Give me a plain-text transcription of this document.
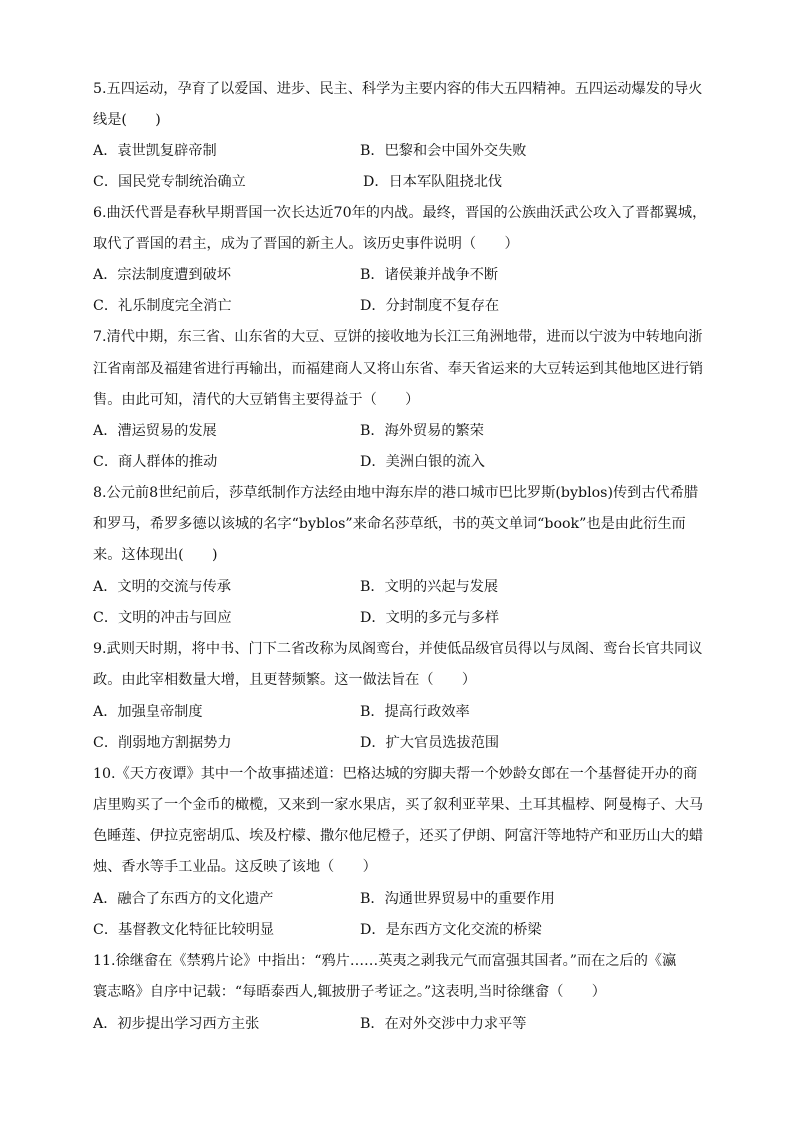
5.五四运动，孕育了以爱国、进步、民主、科学为主要内容的伟大五四精神。五四运动爆发的导火
线是(　　)
A．袁世凯复辟帝制	B．巴黎和会中国外交失败
C．国民党专制统治确立	D．日本军队阻挠北伐
6.曲沃代晋是春秋早期晋国一次长达近70年的内战。最终，晋国的公族曲沃武公攻入了晋都翼城，
取代了晋国的君主，成为了晋国的新主人。该历史事件说明（　　）
A．宗法制度遭到破坏	B．诸侯兼并战争不断
C．礼乐制度完全消亡	D．分封制度不复存在
7.清代中期，东三省、山东省的大豆、豆饼的接收地为长江三角洲地带，进而以宁波为中转地向浙
江省南部及福建省进行再输出，而福建商人又将山东省、奉天省运来的大豆转运到其他地区进行销
售。由此可知，清代的大豆销售主要得益于（　　）
A．漕运贸易的发展	B．海外贸易的繁荣
C．商人群体的推动	D．美洲白银的流入
8.公元前8世纪前后，莎草纸制作方法经由地中海东岸的港口城市巴比罗斯(byblos)传到古代希腊
和罗马，希罗多德以该城的名字“byblos”来命名莎草纸，书的英文单词“book”也是由此衍生而
来。这体现出(　　)
A．文明的交流与传承	B．文明的兴起与发展
C．文明的冲击与回应	D．文明的多元与多样
9.武则天时期，将中书、门下二省改称为凤阁鸾台，并使低品级官员得以与凤阁、鸾台长官共同议
政。由此宰相数量大增，且更替频繁。这一做法旨在（　　）
A．加强皇帝制度	B．提高行政效率
C．削弱地方割据势力	D．扩大官员选拔范围
10.《天方夜谭》其中一个故事描述道：巴格达城的穷脚夫帮一个妙龄女郎在一个基督徒开办的商
店里购买了一个金币的橄榄，又来到一家水果店，买了叙利亚苹果、土耳其榅桲、阿曼梅子、大马
色睡莲、伊拉克密胡瓜、埃及柠檬、撒尔他尼橙子，还买了伊朗、阿富汗等地特产和亚历山大的蜡
烛、香水等手工业品。这反映了该地（　　）
A．融合了东西方的文化遗产	B．沟通世界贸易中的重要作用
C．基督教文化特征比较明显	D．是东西方文化交流的桥梁
11.徐继畲在《禁鸦片论》中指出：“鸦片……英夷之剥我元气而富强其国者。”而在之后的《瀛
寰志略》自序中记载：“每晤泰西人,辄披册子考证之。”这表明,当时徐继畲（　　）
A．初步提出学习西方主张	B．在对外交涉中力求平等
